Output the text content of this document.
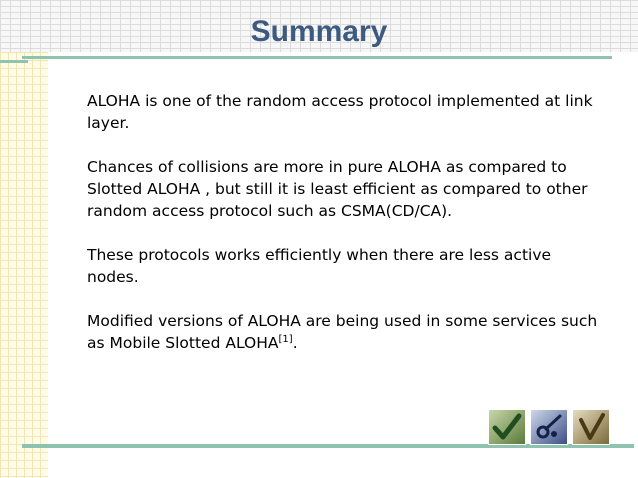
Summary

ALOHA is one of the random access protocol implemented at link layer.

Chances of collisions are more in pure ALOHA as compared to Slotted ALOHA , but still it is least efficient as compared to other random access protocol such as CSMA(CD/CA).

These protocols works efficiently when there are less active nodes.

Modified versions of ALOHA are being used in some services such as Mobile Slotted ALOHA[1].
